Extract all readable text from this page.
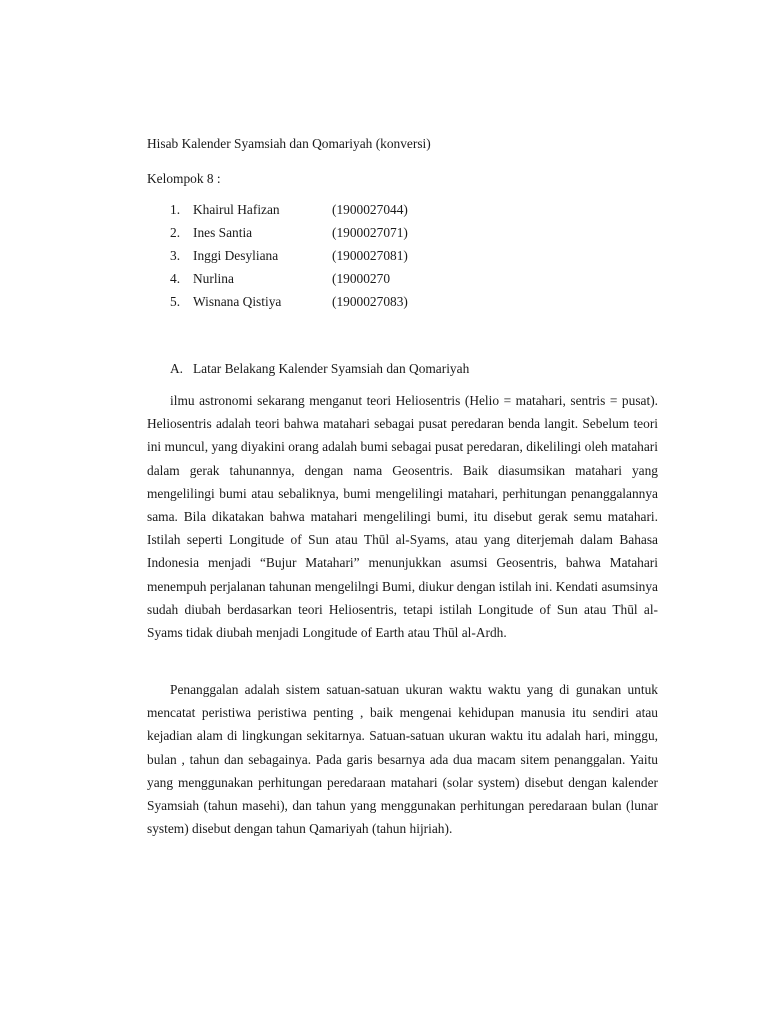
Hisab Kalender Syamsiah dan Qomariyah (konversi)
Kelompok 8 :
1. Khairul Hafizan	(1900027044)
2. Ines Santia	(1900027071)
3. Inggi Desyliana	(1900027081)
4. Nurlina	(19000270
5. Wisnana Qistiya	(1900027083)
A. Latar Belakang Kalender Syamsiah dan Qomariyah

ilmu astronomi sekarang menganut teori Heliosentris (Helio = matahari, sentris = pusat). Heliosentris adalah teori bahwa matahari sebagai pusat peredaran benda langit. Sebelum teori ini muncul, yang diyakini orang adalah bumi sebagai pusat peredaran, dikelilingi oleh matahari dalam gerak tahunannya, dengan nama Geosentris. Baik diasumsikan matahari yang mengelilingi bumi atau sebaliknya, bumi mengelilingi matahari, perhitungan penanggalannya sama. Bila dikatakan bahwa matahari mengelilingi bumi, itu disebut gerak semu matahari. Istilah seperti Longitude of Sun atau Thūl al-Syams, atau yang diterjemah dalam Bahasa Indonesia menjadi “Bujur Matahari” menunjukkan asumsi Geosentris, bahwa Matahari menempuh perjalanan tahunan mengelilngi Bumi, diukur dengan istilah ini. Kendati asumsinya sudah diubah berdasarkan teori Heliosentris, tetapi istilah Longitude of Sun atau Thūl al-Syams tidak diubah menjadi Longitude of Earth atau Thūl al-Ardh.

Penanggalan adalah sistem satuan-satuan ukuran waktu waktu yang di gunakan untuk mencatat peristiwa peristiwa penting , baik mengenai kehidupan manusia itu sendiri atau kejadian alam di lingkungan sekitarnya. Satuan-satuan ukuran waktu itu adalah hari, minggu, bulan , tahun dan sebagainya. Pada garis besarnya ada dua macam sitem penanggalan. Yaitu yang menggunakan perhitungan peredaraan matahari (solar system) disebut dengan kalender Syamsiah (tahun masehi), dan tahun yang menggunakan perhitungan peredaraan bulan (lunar system) disebut dengan tahun Qamariyah (tahun hijriah).
